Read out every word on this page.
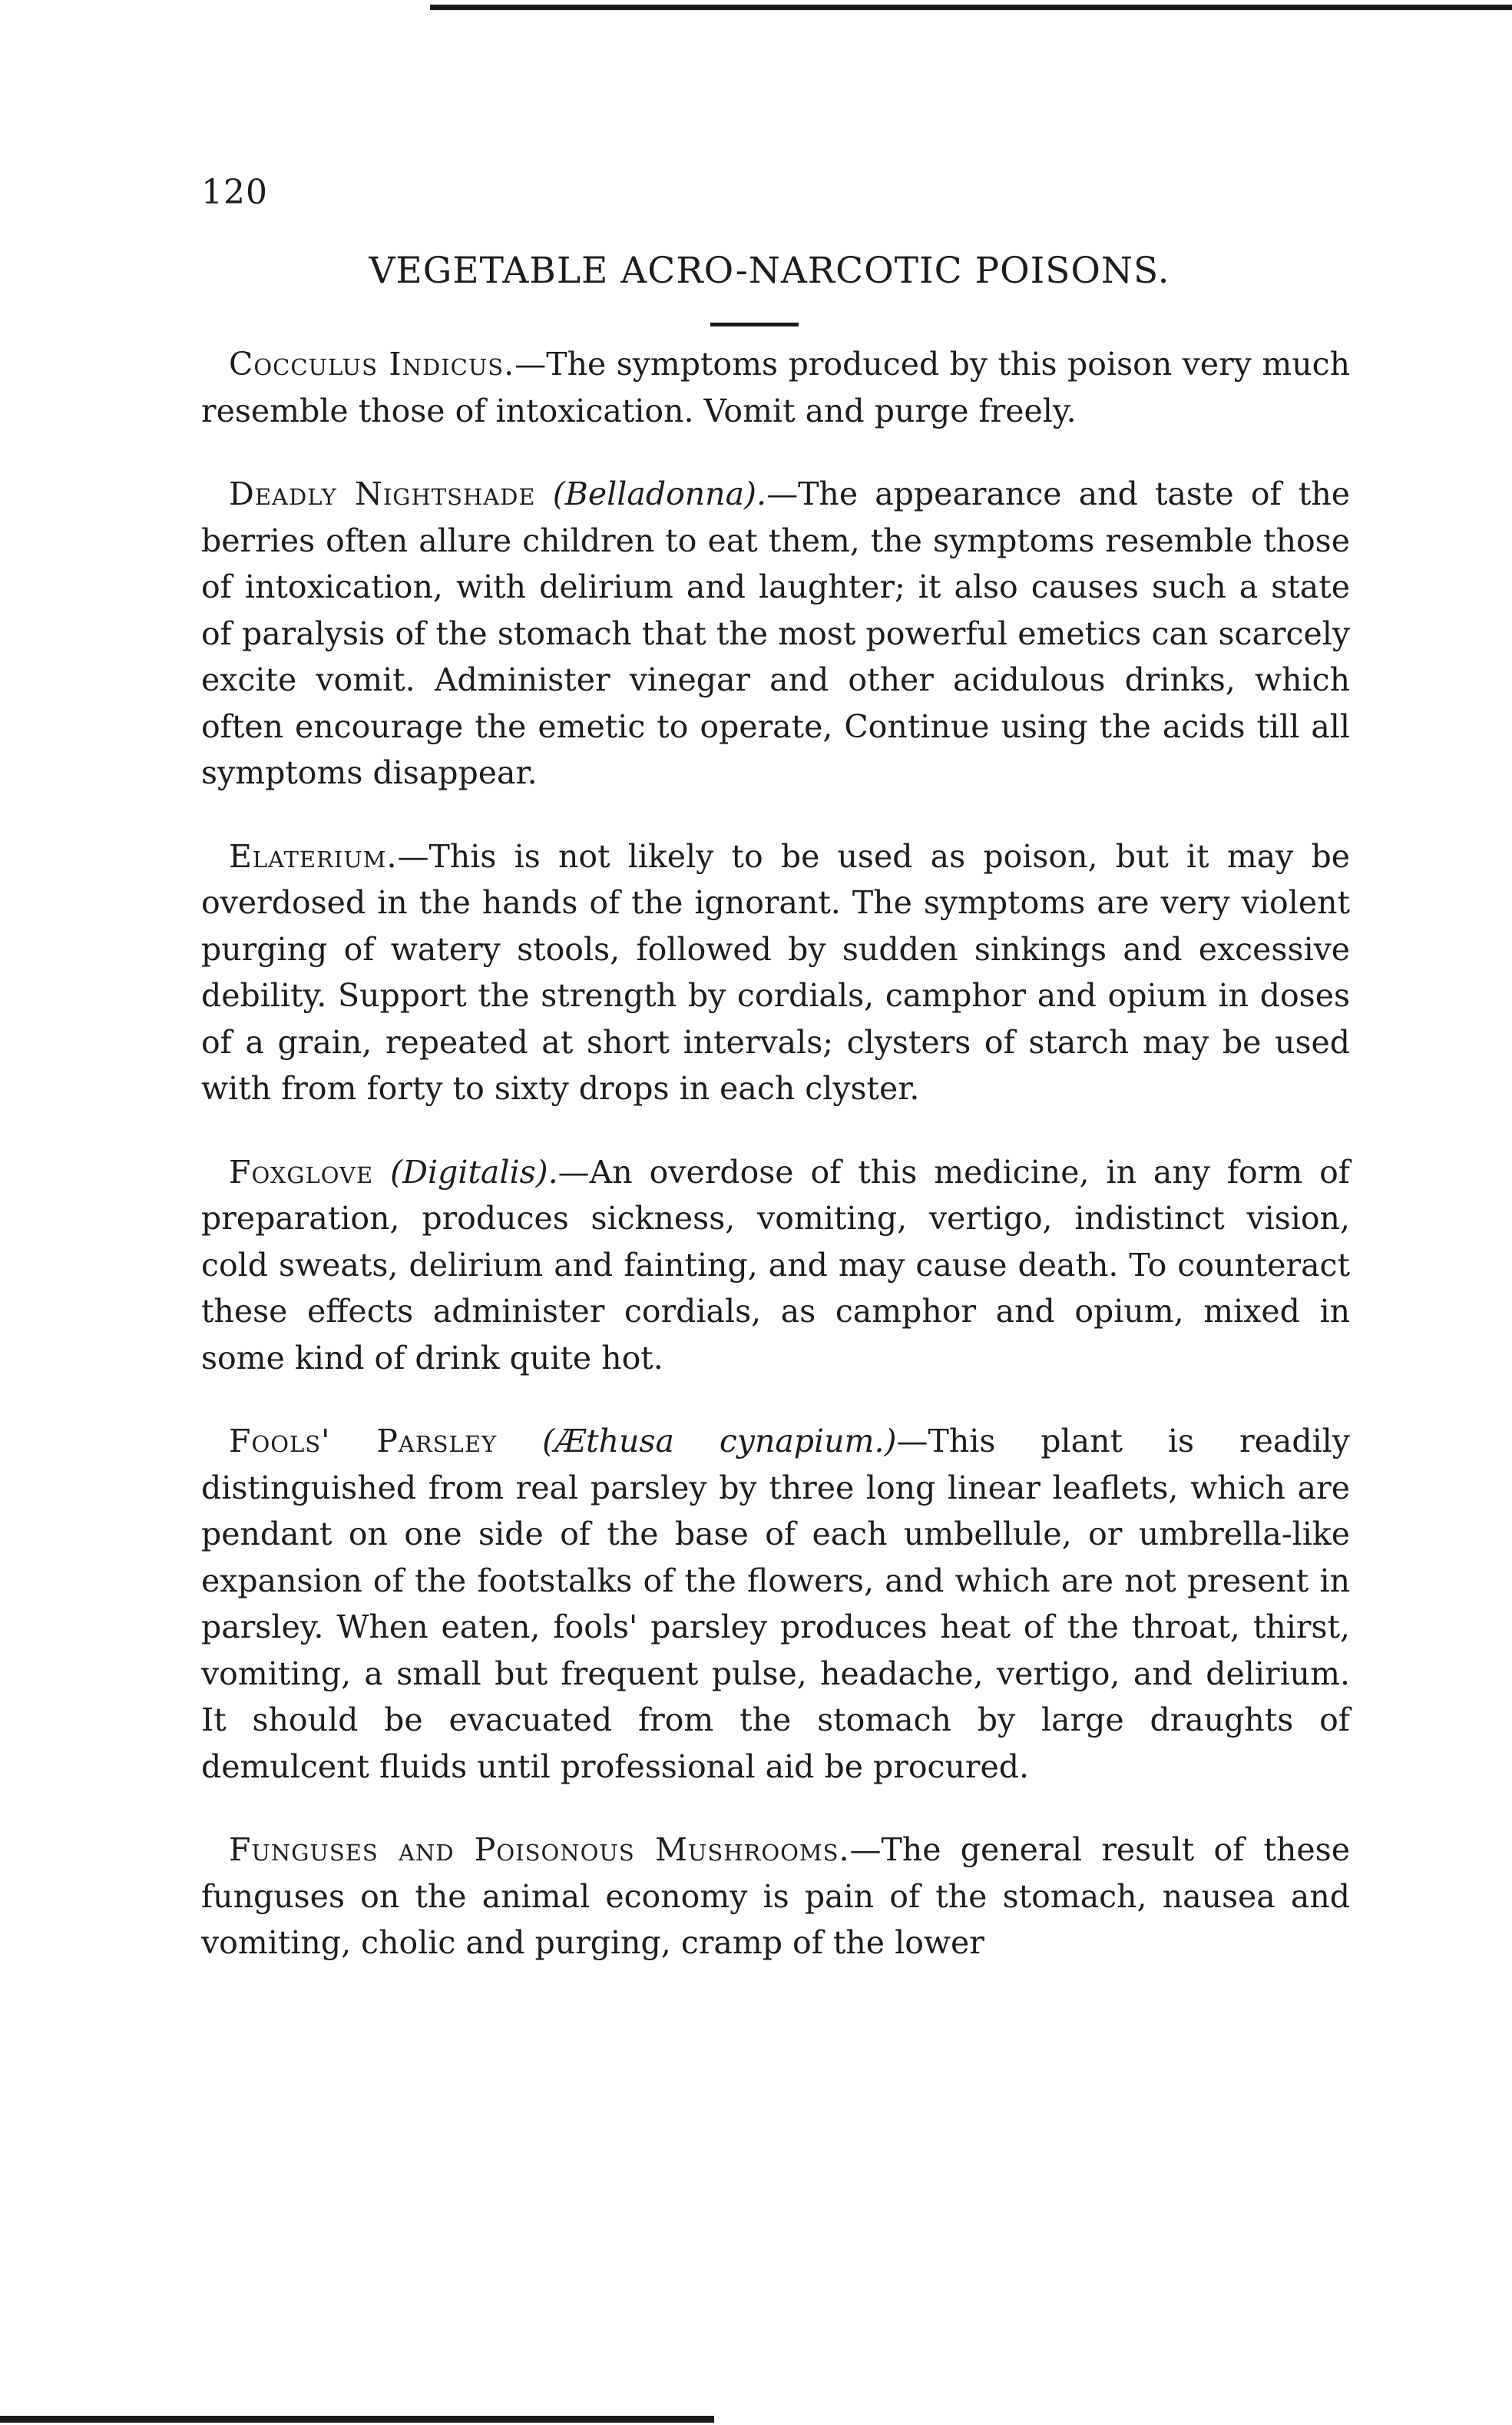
120
VEGETABLE ACRO-NARCOTIC POISONS.

Cocculus Indicus.—The symptoms produced by this poison very much resemble those of intoxication. Vomit and purge freely.

Deadly Nightshade (Belladonna).—The appearance and taste of the berries often allure children to eat them, the symptoms resemble those of intoxication, with delirium and laughter; it also causes such a state of paralysis of the stomach that the most powerful emetics can scarcely excite vomit. Administer vinegar and other acidulous drinks, which often encourage the emetic to operate, Continue using the acids till all symptoms disappear.

Elaterium.—This is not likely to be used as poison, but it may be overdosed in the hands of the ignorant. The symptoms are very violent purging of watery stools, followed by sudden sinkings and excessive debility. Support the strength by cordials, camphor and opium in doses of a grain, repeated at short intervals; clysters of starch may be used with from forty to sixty drops in each clyster.

Foxglove (Digitalis).—An overdose of this medicine, in any form of preparation, produces sickness, vomiting, vertigo, indistinct vision, cold sweats, delirium and fainting, and may cause death. To counteract these effects administer cordials, as camphor and opium, mixed in some kind of drink quite hot.

Fools' Parsley (Æthusa cynapium.)—This plant is readily distinguished from real parsley by three long linear leaflets, which are pendant on one side of the base of each umbellule, or umbrella-like expansion of the footstalks of the flowers, and which are not present in parsley. When eaten, fools' parsley produces heat of the throat, thirst, vomiting, a small but frequent pulse, headache, vertigo, and delirium. It should be evacuated from the stomach by large draughts of demulcent fluids until professional aid be procured.

Funguses and Poisonous Mushrooms.—The general result of these funguses on the animal economy is pain of the stomach, nausea and vomiting, cholic and purging, cramp of the lower
